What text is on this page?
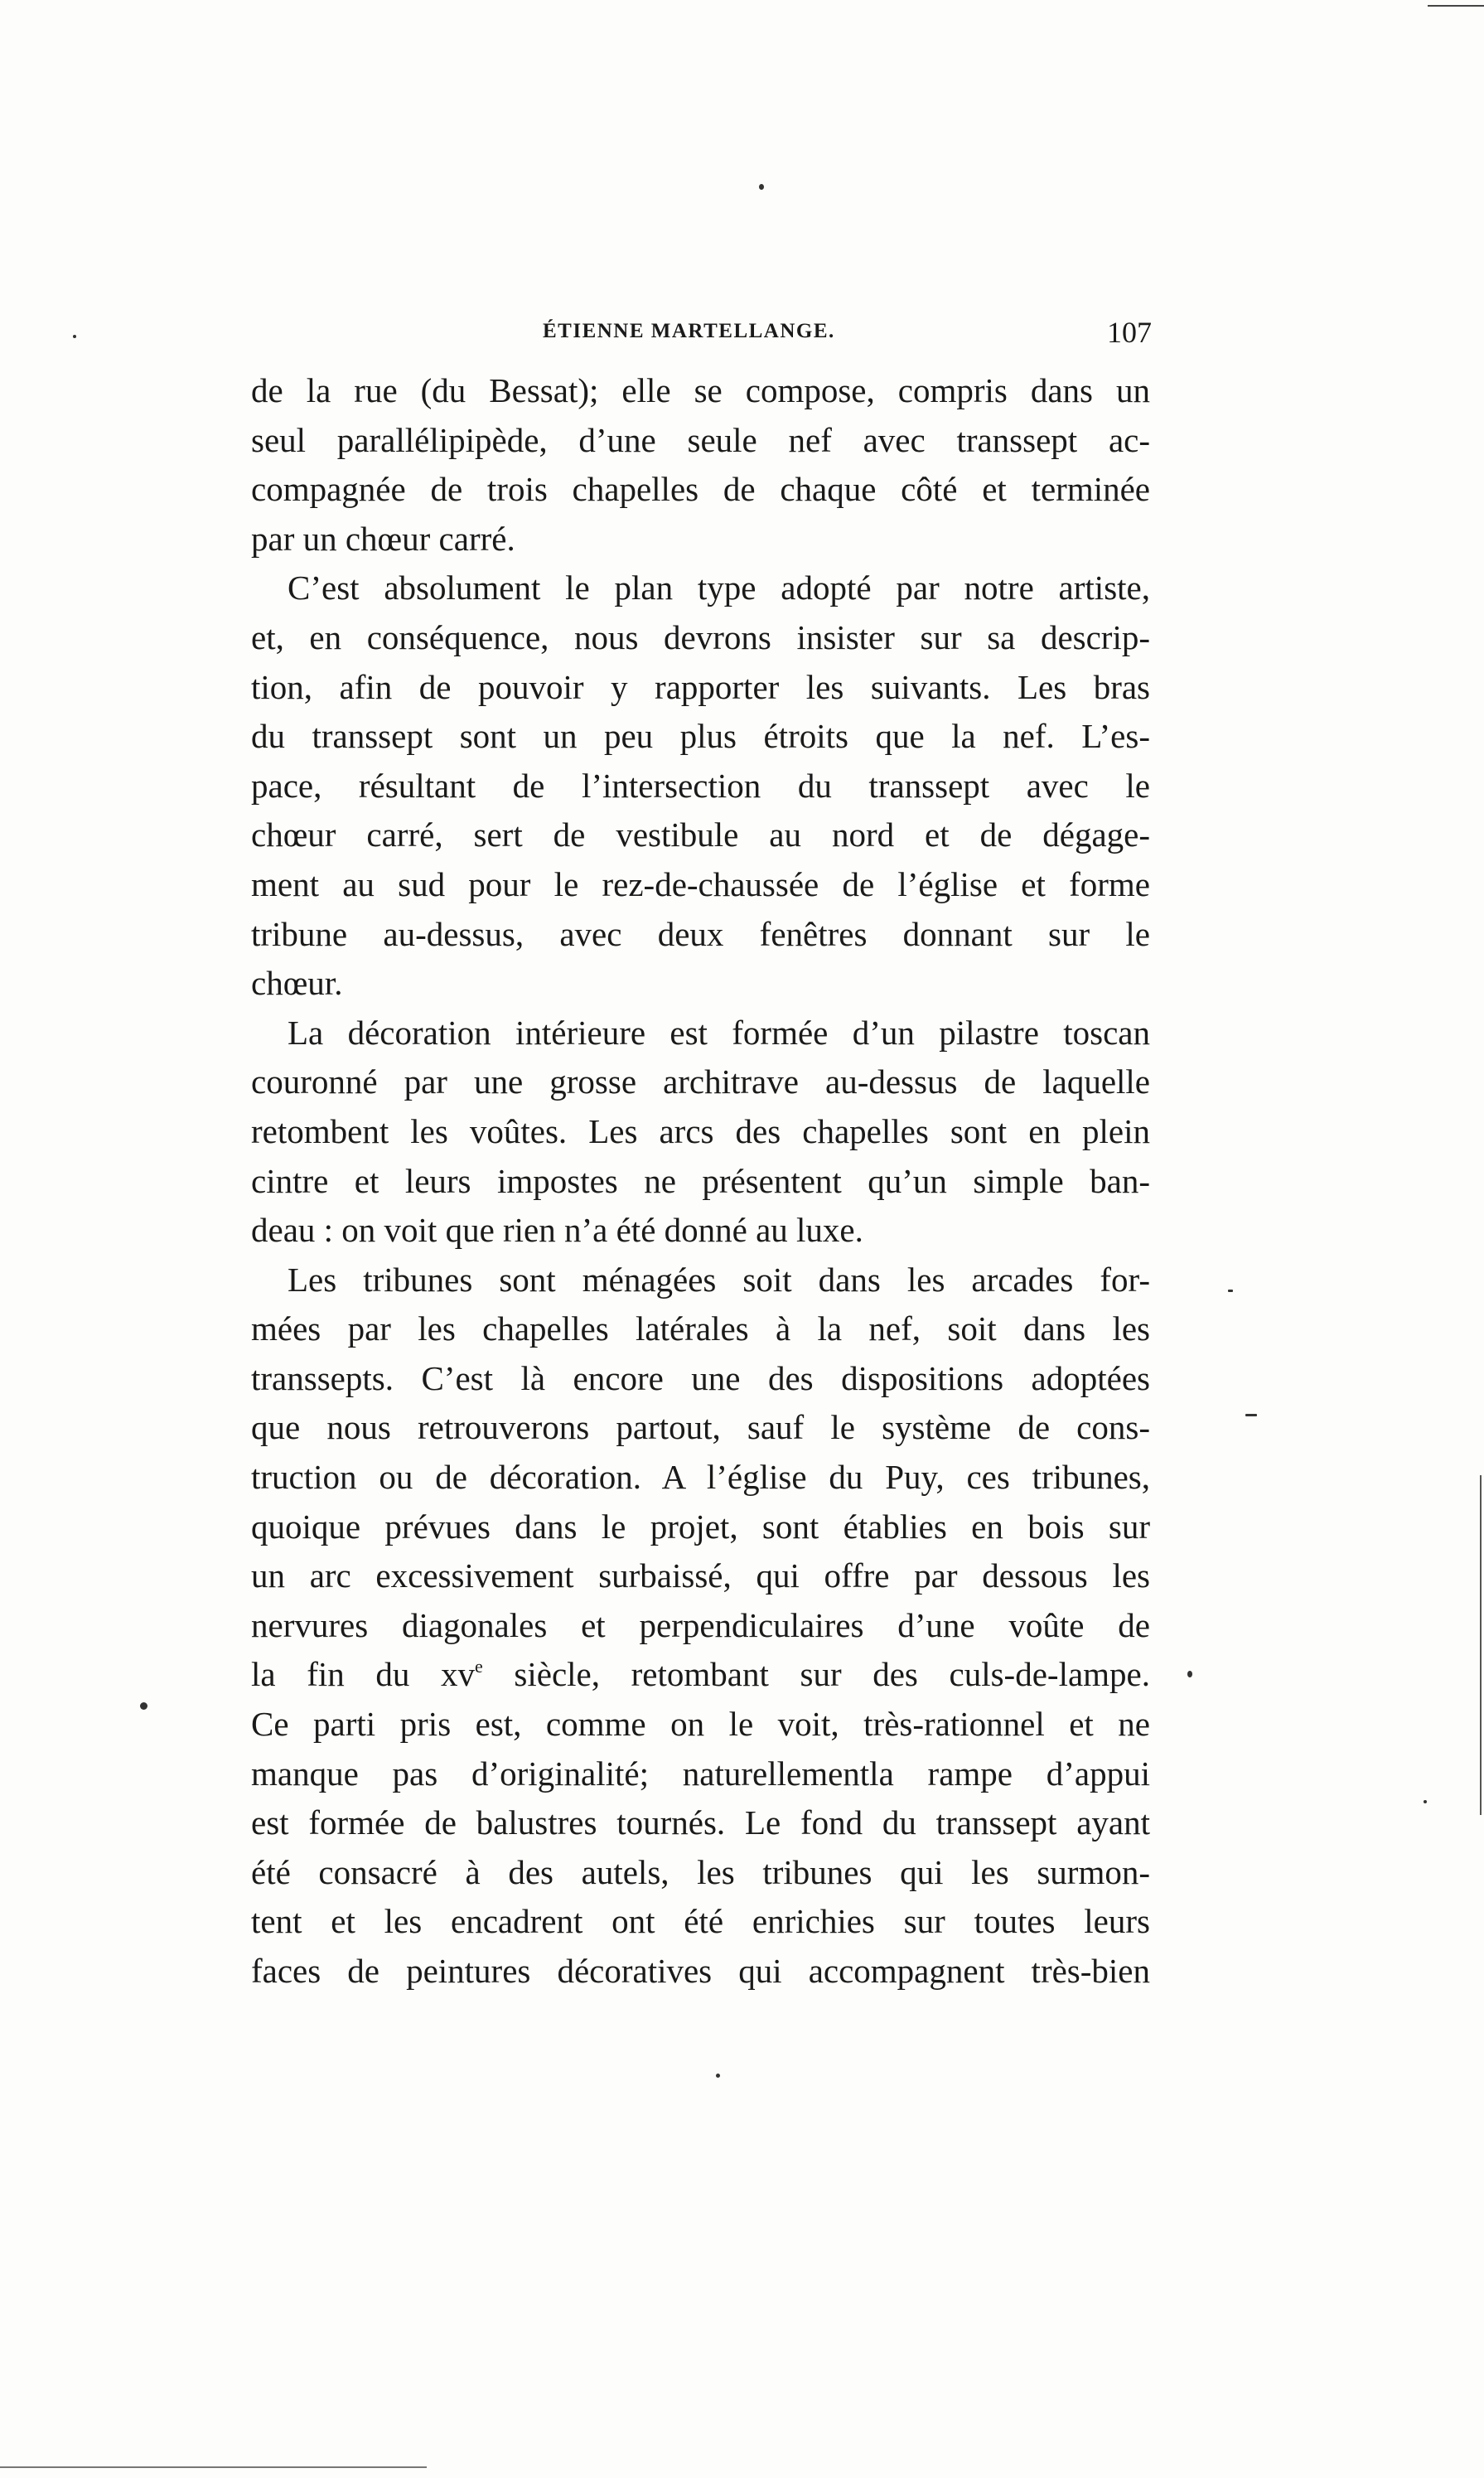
ÉTIENNE MARTELLANGE.	107

de la rue (du Bessat); elle se compose, compris dans un
seul parallélipipède, d’une seule nef avec transsept ac-
compagnée de trois chapelles de chaque côté et terminée
par un chœur carré.

C’est absolument le plan type adopté par notre artiste,
et, en conséquence, nous devrons insister sur sa descrip-
tion, afin de pouvoir y rapporter les suivants. Les bras
du transsept sont un peu plus étroits que la nef. L’es-
pace, résultant de l’intersection du transsept avec le
chœur carré, sert de vestibule au nord et de dégage-
ment au sud pour le rez-de-chaussée de l’église et forme
tribune au-dessus, avec deux fenêtres donnant sur le
chœur.

La décoration intérieure est formée d’un pilastre toscan
couronné par une grosse architrave au-dessus de laquelle
retombent les voûtes. Les arcs des chapelles sont en plein
cintre et leurs impostes ne présentent qu’un simple ban-
deau : on voit que rien n’a été donné au luxe.

Les tribunes sont ménagées soit dans les arcades for-
mées par les chapelles latérales à la nef, soit dans les
transsepts. C’est là encore une des dispositions adoptées
que nous retrouverons partout, sauf le système de cons-
truction ou de décoration. A l’église du Puy, ces tribunes,
quoique prévues dans le projet, sont établies en bois sur
un arc excessivement surbaissé, qui offre par dessous les
nervures diagonales et perpendiculaires d’une voûte de
la fin du $xv^e$ siècle, retombant sur des culs-de-lampe.
Ce parti pris est, comme on le voit, très-rationnel et ne
manque pas d’originalité; naturellementla rampe d’appui
est formée de balustres tournés. Le fond du transsept ayant
été consacré à des autels, les tribunes qui les surmon-
tent et les encadrent ont été enrichies sur toutes leurs
faces de peintures décoratives qui accompagnent très-bien
